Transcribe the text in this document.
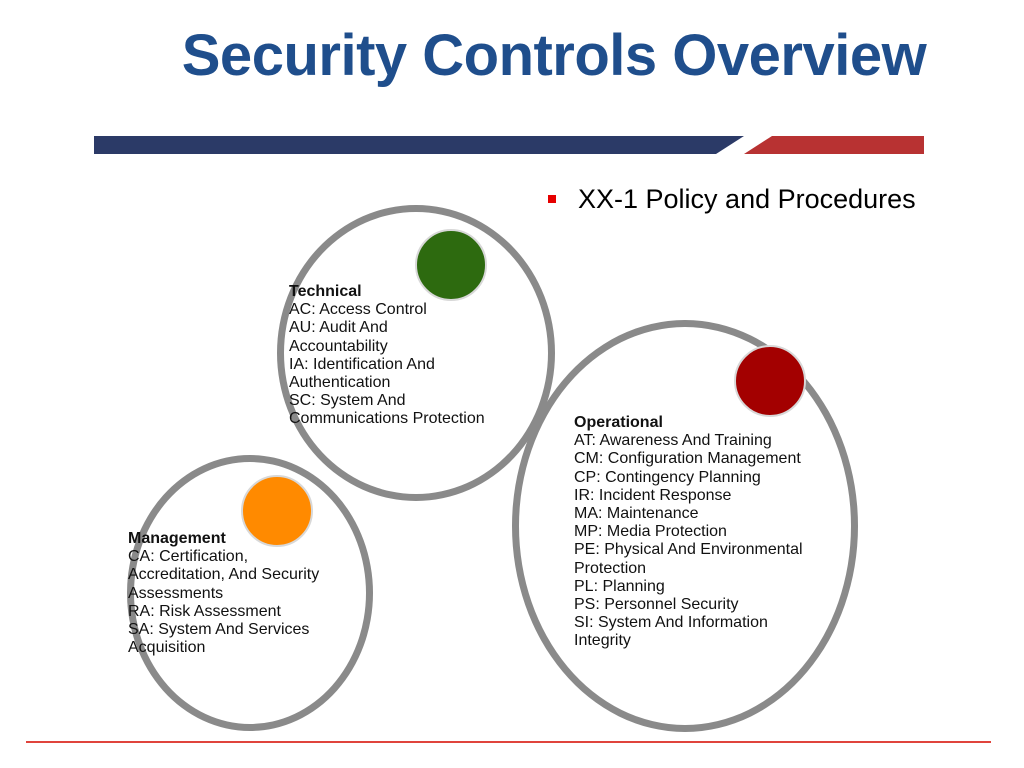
Security Controls Overview
XX-1 Policy and Procedures
Technical
AC: Access Control
AU: Audit And
Accountability
IA: Identification And
Authentication
SC: System And
Communications Protection	Operational
AT: Awareness And Training
CM: Configuration Management
CP: Contingency Planning
IR: Incident Response
MA: Maintenance
MP: Media Protection
PE: Physical And Environmental
Protection
PL: Planning
PS: Personnel Security
SI: System And Information
Integrity
Management
CA: Certification,
Accreditation, And Security
Assessments
RA: Risk Assessment
SA: System And Services
Acquisition
